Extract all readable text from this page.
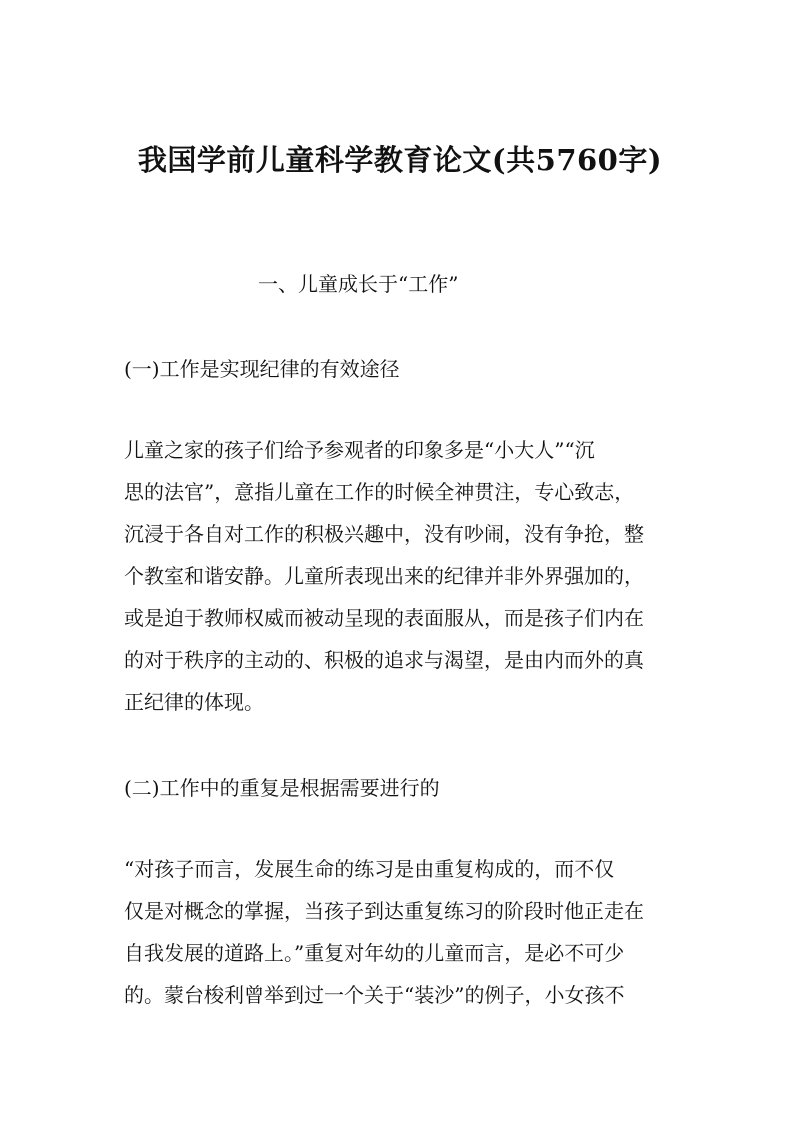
我国学前儿童科学教育论文(共5760字)
一、儿童成长于“工作”
(一)工作是实现纪律的有效途径
儿童之家的孩子们给予参观者的印象多是“小大人”“沉
思的法官”，意指儿童在工作的时候全神贯注，专心致志，
沉浸于各自对工作的积极兴趣中，没有吵闹，没有争抢，整
个教室和谐安静。儿童所表现出来的纪律并非外界强加的，
或是迫于教师权威而被动呈现的表面服从，而是孩子们内在
的对于秩序的主动的、积极的追求与渴望，是由内而外的真
正纪律的体现。
(二)工作中的重复是根据需要进行的
“对孩子而言，发展生命的练习是由重复构成的，而不仅
仅是对概念的掌握，当孩子到达重复练习的阶段时他正走在
自我发展的道路上。”重复对年幼的儿童而言，是必不可少
的。蒙台梭利曾举到过一个关于“装沙”的例子，小女孩不
